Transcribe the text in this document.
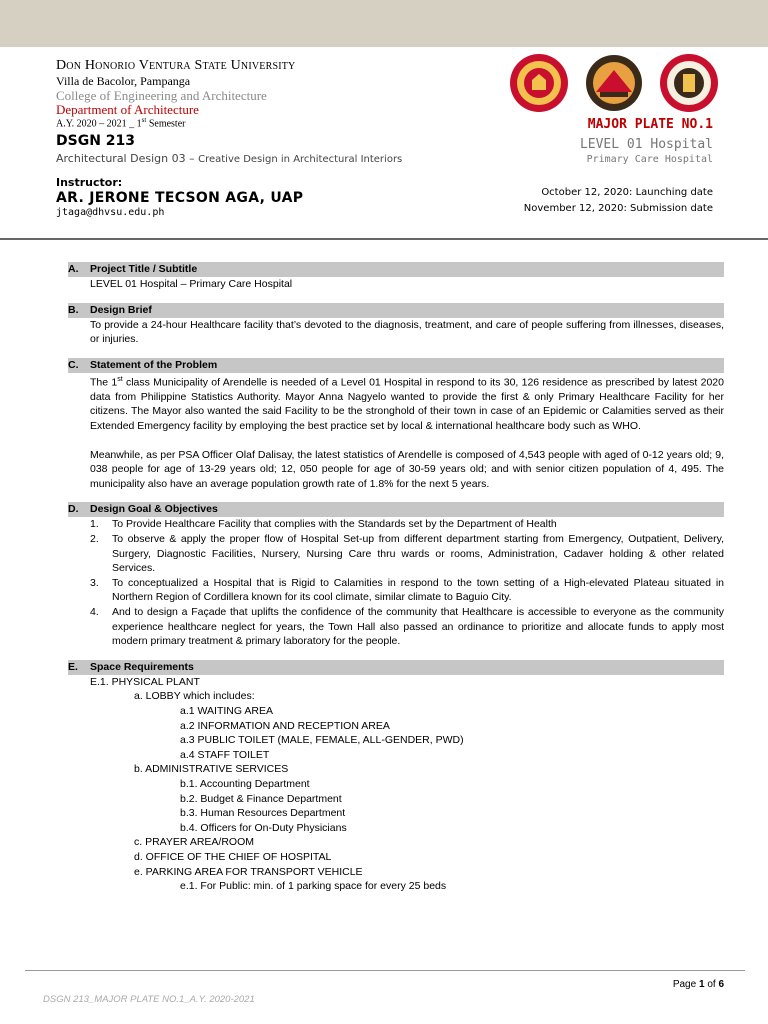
Don Honorio Ventura State University
Villa de Bacolor, Pampanga
College of Engineering and Architecture
Department of Architecture
A.Y. 2020 – 2021 _ 1st Semester
DSGN 213
Architectural Design 03 – Creative Design in Architectural Interiors
Instructor:
AR. JERONE TECSON AGA, UAP
jtaga@dhvsu.edu.ph
MAJOR PLATE NO.1
LEVEL 01 Hospital
Primary Care Hospital
October 12, 2020: Launching date
November 12, 2020: Submission date
A.	Project Title / Subtitle

LEVEL 01 Hospital – Primary Care Hospital

B.	Design Brief

To provide a 24-hour Healthcare facility that’s devoted to the diagnosis, treatment, and care of people suffering from illnesses, diseases, or injuries.

C.	Statement of the Problem

The 1st class Municipality of Arendelle is needed of a Level 01 Hospital in respond to its 30, 126 residence as prescribed by latest 2020 data from Philippine Statistics Authority. Mayor Anna Nagyelo wanted to provide the first & only Primary Healthcare Facility for her citizens. The Mayor also wanted the said Facility to be the stronghold of their town in case of an Epidemic or Calamities served as their Extended Emergency facility by employing the best practice set by local & international healthcare body such as WHO.

Meanwhile, as per PSA Officer Olaf Dalisay, the latest statistics of Arendelle is composed of 4,543 people with aged of 0-12 years old; 9, 038 people for age of 13-29 years old; 12, 050 people for age of 30-59 years old; and with senior citizen population of 4, 495. The municipality also have an average population growth rate of 1.8% for the next 5 years.

D.	Design Goal & Objectives
1.	To Provide Healthcare Facility that complies with the Standards set by the Department of Health
2.	To observe & apply the proper flow of Hospital Set-up from different department starting from Emergency, Outpatient, Delivery, Surgery, Diagnostic Facilities, Nursery, Nursing Care thru wards or rooms, Administration, Cadaver holding & other related Services.
3.	To conceptualized a Hospital that is Rigid to Calamities in respond to the town setting of a High-elevated Plateau situated in Northern Region of Cordillera known for its cool climate, similar climate to Baguio City.
4.	And to design a Façade that uplifts the confidence of the community that Healthcare is accessible to everyone as the community experience healthcare neglect for years, the Town Hall also passed an ordinance to prioritize and allocate funds to apply most modern primary treatment & primary laboratory for the people.
E.	Space Requirements
E.1. PHYSICAL PLANT
a. LOBBY which includes:
a.1 WAITING AREA
a.2 INFORMATION AND RECEPTION AREA
a.3 PUBLIC TOILET (MALE, FEMALE, ALL-GENDER, PWD)
a.4 STAFF TOILET
b. ADMINISTRATIVE SERVICES
b.1. Accounting Department
b.2. Budget & Finance Department
b.3. Human Resources Department
b.4. Officers for On-Duty Physicians
c. PRAYER AREA/ROOM
d. OFFICE OF THE CHIEF OF HOSPITAL
e. PARKING AREA FOR TRANSPORT VEHICLE
e.1. For Public: min. of 1 parking space for every 25 beds
Page 1 of 6
DSGN 213_MAJOR PLATE NO.1_A.Y. 2020-2021
